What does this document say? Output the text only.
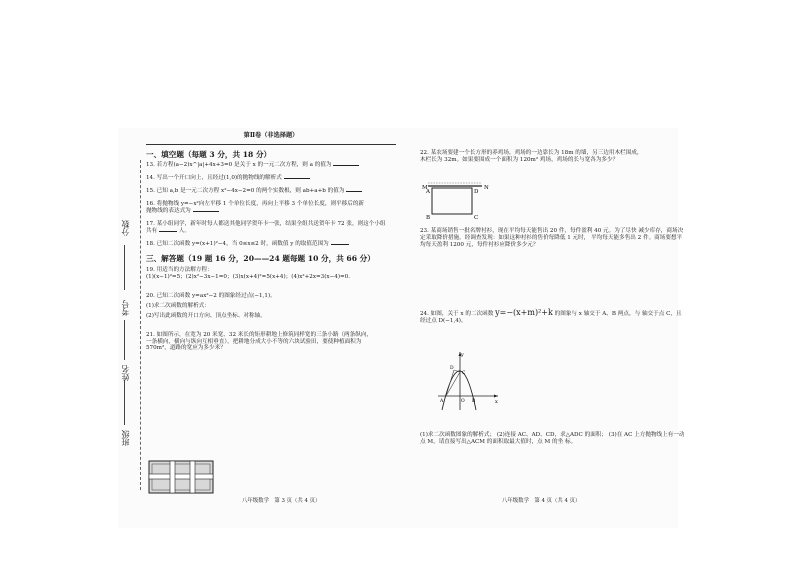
分数
考号
姓名
班级
第Ⅱ卷（非选择题）
一、填空题（每题 3 分，共 18 分）
13. 若方程(a−2)x^|a|+4x+3=0 是关于 x 的一元二次方程，则 a 的值为
14. 写出一个开口向上，且经过(1,0)的抛物线的解析式
15. 已知 a,b 是一元二次方程 x²−4x−2=0 的两个实数根，则 ab+a+b 的值为
16. 将抛物线 y=−x²向左平移 1 个单位长度，再向上平移 3 个单位长度，则平移后的新
抛物线的表达式为
17. 某小组同学，新年时每人都送其他同学贺年卡一张，结果全组共送贺年卡 72 张，则这个小组
共有	人。
18. 已知二次函数 y=(x+1)²−4，当 0≤x≤2 时，函数值 y 的取值范围为
三、解答题（19 题 16 分，20——24 题每题 10 分，共 66 分）
19. 用适当的方法解方程：
(1)(x−1)²=5；(2)x²−3x−1=0；(3)x(x+4)²=5(x+4)；(4)x²+2x=3(x−4)=0.
20. 已知二次函数 y=ax²−2 的图象经过点(−1,1)。
(1)求二次函数的解析式：
(2)写出此函数的开口方向、顶点坐标、对称轴。
21. 如图所示，在宽为 20 米宽、32 米长的矩形耕地上修筑同样宽的三条小路（两条纵向，
一条横向，横向与纵向互相垂直），把耕地分成大小不等的六块试验田，要使种植面积为
570m²，道路的宽应为多少米？
八年级数学　第 3 页（共 4 页）
22. 某农场要建一个长方形的养鸡场，鸡场的一边靠长为 18m 的墙，另三边用木栏围成，
木栏长为 32m。如果要围成一个面积为 120m² 鸡场，鸡场的长与宽各为多少？
M	N
A	D
B	C
23. 某商场销售一批名牌衬衫，现在平均每天能售出 20 件，每件盈利 40 元。为了尽快 减少库存，商场决定采取降价措施。经调查发现：如果这种衬衫的售价每降低 1 元时， 平均每天能多售出 2 件。商场要想平均每天盈利 1200 元，每件衬衫应降价多少元？
24. 如图，关于 x 的二次函数 y=−(x+m)²+k 的图象与 x 轴交于 A、B 两点，与 轴交于点 C，且经过点 D(−1,4)。
y
x
O
A	B
C
D
(1)求二次函数图象的解析式； (2)连接 AC、AD、CD，求△ADC 的面积； (3)在 AC 上方抛物线上有一动点 M，请直接写出△ACM 的面积取最大值时，点 M 的坐 标。
八年级数学　第 4 页（共 4 页）
